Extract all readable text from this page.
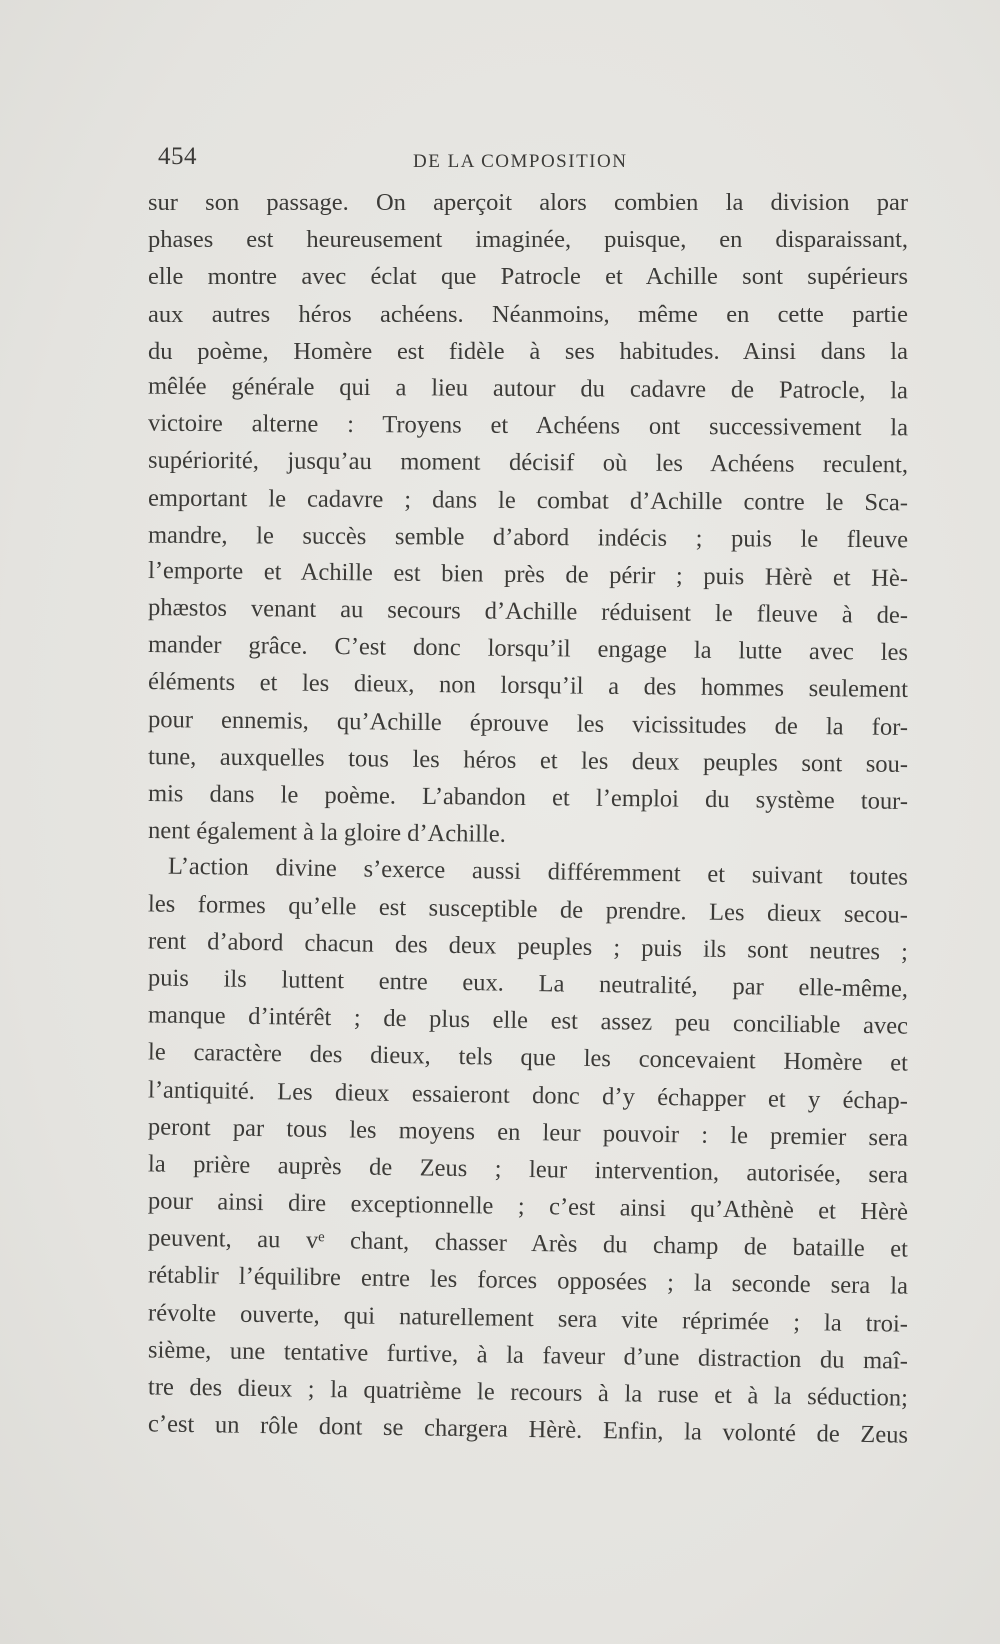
454	DE LA COMPOSITION
sur son passage. On aperçoit alors combien la division par
phases est heureusement imaginée, puisque, en disparaissant,
elle montre avec éclat que Patrocle et Achille sont supérieurs
aux autres héros achéens. Néanmoins, même en cette partie
du poème, Homère est fidèle à ses habitudes. Ainsi dans la
mêlée générale qui a lieu autour du cadavre de Patrocle, la
victoire alterne : Troyens et Achéens ont successivement la
supériorité, jusqu’au moment décisif où les Achéens reculent,
emportant le cadavre ; dans le combat d’Achille contre le Sca-
mandre, le succès semble d’abord indécis ; puis le fleuve
l’emporte et Achille est bien près de périr ; puis Hèrè et Hè-
phæstos venant au secours d’Achille réduisent le fleuve à de-
mander grâce. C’est donc lorsqu’il engage la lutte avec les
éléments et les dieux, non lorsqu’il a des hommes seulement
pour ennemis, qu’Achille éprouve les vicissitudes de la for-
tune, auxquelles tous les héros et les deux peuples sont sou-
mis dans le poème. L’abandon et l’emploi du système tour-
nent également à la gloire d’Achille.
L’action divine s’exerce aussi différemment et suivant toutes
les formes qu’elle est susceptible de prendre. Les dieux secou-
rent d’abord chacun des deux peuples ; puis ils sont neutres ;
puis ils luttent entre eux. La neutralité, par elle-même,
manque d’intérêt ; de plus elle est assez peu conciliable avec
le caractère des dieux, tels que les concevaient Homère et
l’antiquité. Les dieux essaieront donc d’y échapper et y échap-
peront par tous les moyens en leur pouvoir : le premier sera
la prière auprès de Zeus ; leur intervention, autorisée, sera
pour ainsi dire exceptionnelle ; c’est ainsi qu’Athènè et Hèrè
peuvent, au vᵉ chant, chasser Arès du champ de bataille et
rétablir l’équilibre entre les forces opposées ; la seconde sera la
révolte ouverte, qui naturellement sera vite réprimée ; la troi-
sième, une tentative furtive, à la faveur d’une distraction du maî-
tre des dieux ; la quatrième le recours à la ruse et à la séduction;
c’est un rôle dont se chargera Hèrè. Enfin, la volonté de Zeus
